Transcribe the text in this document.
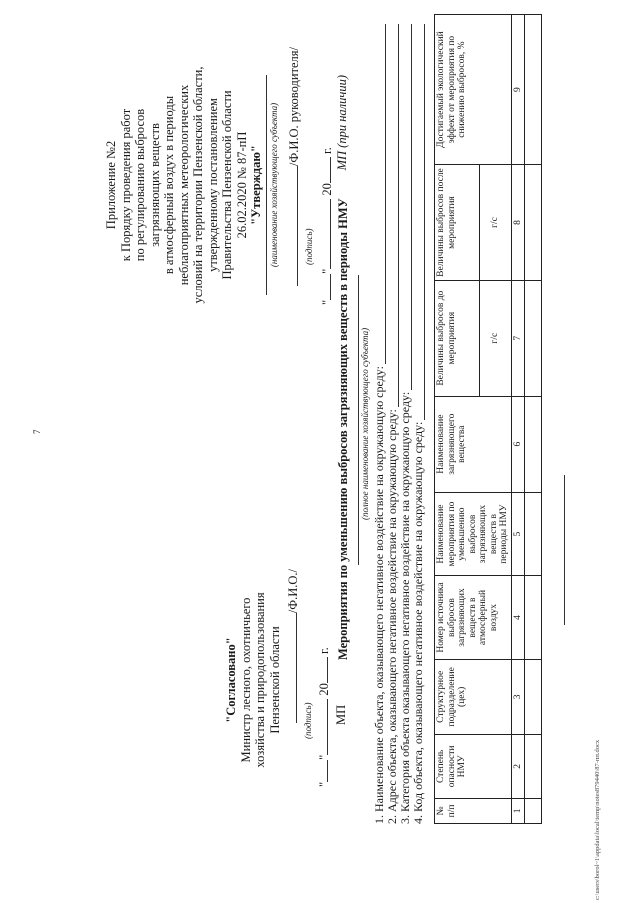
7
Приложение №2 к Порядку проведения работ по регулированию выбросов загрязняющих веществ в атмосферный воздух в периоды неблагоприятных метеорологических условий на территории Пензенской области, утвержденному постановлением Правительства Пензенской области 26.02.2020 № 87-пП "Утверждаю" (наименование хозяйствующего субъекта) /Ф.И.О. руководителя/
(подпись)
"" 20 г. МП (при наличии)
"Согласовано" Министр лесного, охотничьего хозяйства и природопользования Пензенской области
/Ф.И.О./
(подпись)
"" 20 г.
МП
Мероприятия по уменьшению выбросов загрязняющих веществ в периоды НМУ (полное наименование хозяйствующего субъекта) 1. Наименование объекта, оказывающего негативное воздействие на окружающую среду: 2. Адрес объекта, оказывающего негативное воздействие на окружающую среду: 3. Категория объекта оказывающего негативное воздействие на окружающую среду: 4. Код объекта, оказывающего негативное воздействие на окружающую среду: № п/п	Степень опасности НМУ	Структурное подразделение (цех)	Номер источника выбросов загрязняющих веществ в атмосферный воздух	Наименование мероприятия по уменьшению выбросов загрязняющих веществ в периоды НМУ	Наименование загрязняющего вещества	Величины выбросов до мероприятия	Величины выбросов после мероприятия	Достигаемый экологический эффект от мероприятия по снижению выбросов, %
						г/с	г/с	
1	2	3	4	5	6	7	8	9

c:\users\borol~1\appdata\local\temp\notes879440\87-пп.docx
